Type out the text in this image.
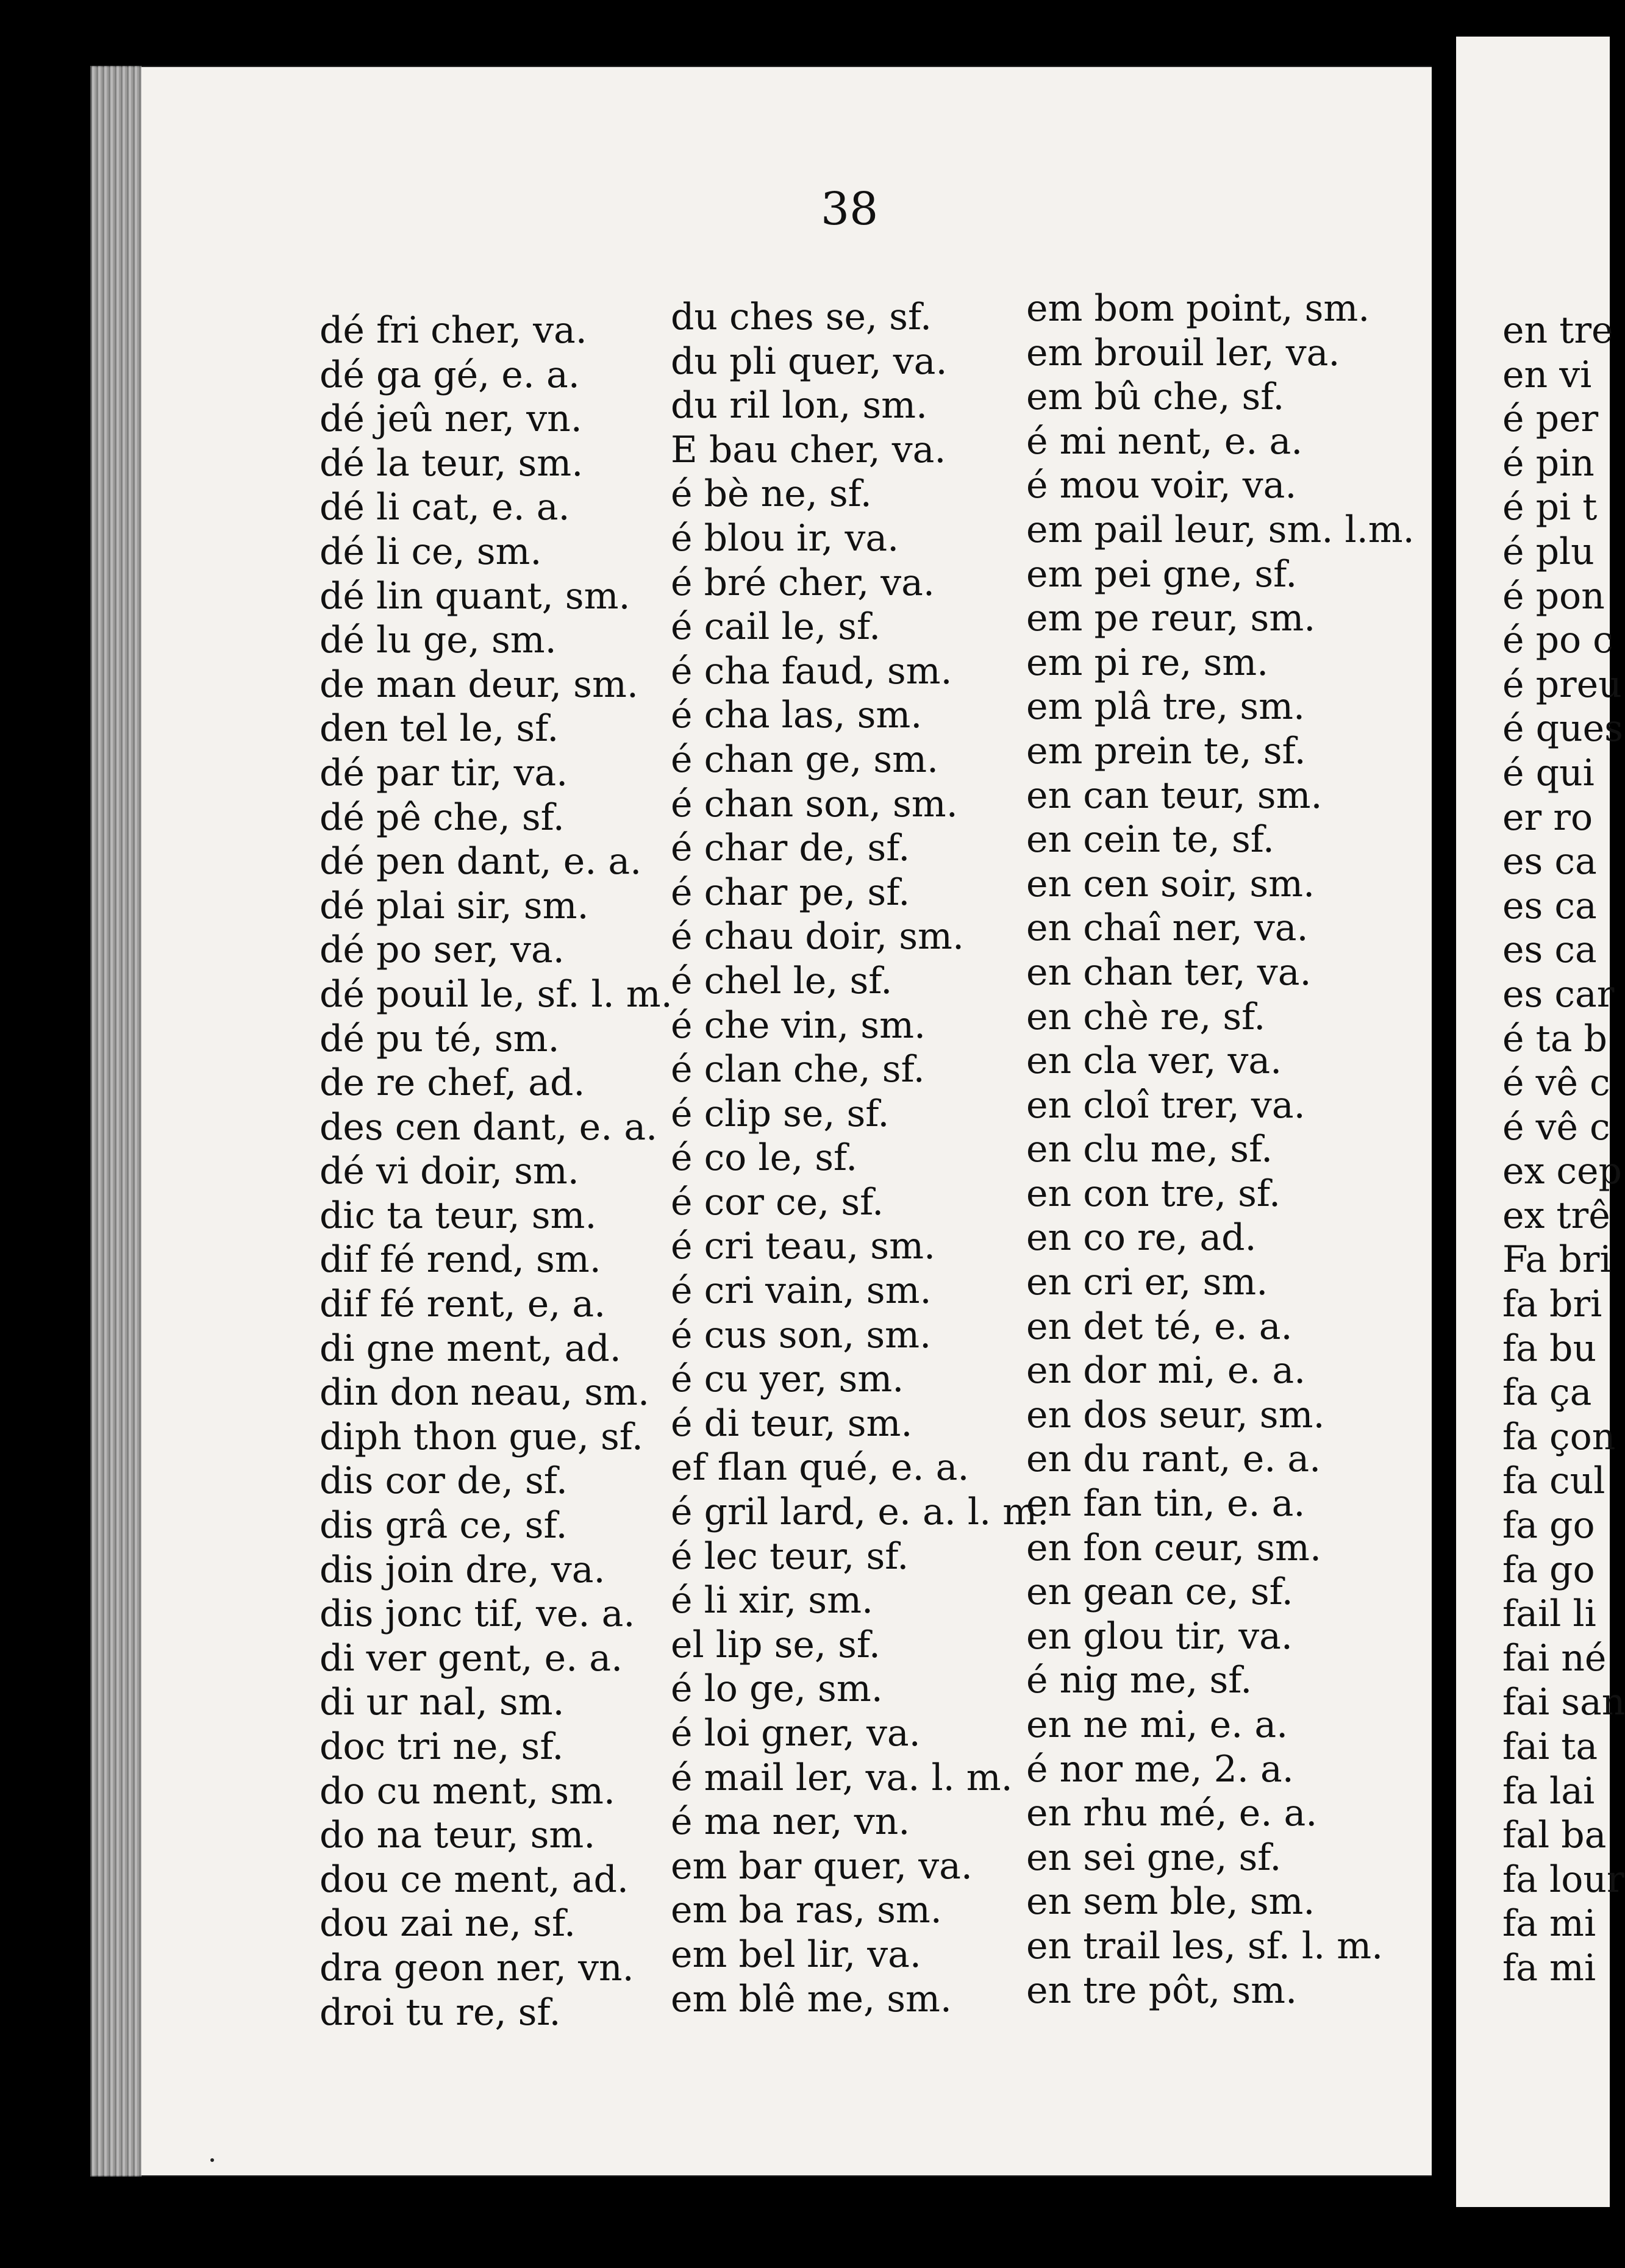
38
dé fri cher, va.
dé ga gé, e. a.
dé jeû ner, vn.
dé la teur, sm.
dé li cat, e. a.
dé li ce, sm.
dé lin quant, sm.
dé lu ge, sm.
de man deur, sm.
den tel le, sf.
dé par tir, va.
dé pê che, sf.
dé pen dant, e. a.
dé plai sir, sm.
dé po ser, va.
dé pouil le, sf. l. m.
dé pu té, sm.
de re chef, ad.
des cen dant, e. a.
dé vi doir, sm.
dic ta teur, sm.
dif fé rend, sm.
dif fé rent, e, a.
di gne ment, ad.
din don neau, sm.
diph thon gue, sf.
dis cor de, sf.
dis grâ ce, sf.
dis join dre, va.
dis jonc tif, ve. a.
di ver gent, e. a.
di ur nal, sm.
doc tri ne, sf.
do cu ment, sm.
do na teur, sm.
dou ce ment, ad.
dou zai ne, sf.
dra geon ner, vn.
droi tu re, sf.
du ches se, sf.
du pli quer, va.
du ril lon, sm.
E bau cher, va.
é bè ne, sf.
é blou ir, va.
é bré cher, va.
é cail le, sf.
é cha faud, sm.
é cha las, sm.
é chan ge, sm.
é chan son, sm.
é char de, sf.
é char pe, sf.
é chau doir, sm.
é chel le, sf.
é che vin, sm.
é clan che, sf.
é clip se, sf.
é co le, sf.
é cor ce, sf.
é cri teau, sm.
é cri vain, sm.
é cus son, sm.
é cu yer, sm.
é di teur, sm.
ef flan qué, e. a.
é gril lard, e. a. l. m.
é lec teur, sf.
é li xir, sm.
el lip se, sf.
é lo ge, sm.
é loi gner, va.
é mail ler, va. l. m.
é ma ner, vn.
em bar quer, va.
em ba ras, sm.
em bel lir, va.
em blê me, sm.
em bom point, sm.
em brouil ler, va.
em bû che, sf.
é mi nent, e. a.
é mou voir, va.
em pail leur, sm. l.m.
em pei gne, sf.
em pe reur, sm.
em pi re, sm.
em plâ tre, sm.
em prein te, sf.
en can teur, sm.
en cein te, sf.
en cen soir, sm.
en chaî ner, va.
en chan ter, va.
en chè re, sf.
en cla ver, va.
en cloî trer, va.
en clu me, sf.
en con tre, sf.
en co re, ad.
en cri er, sm.
en det té, e. a.
en dor mi, e. a.
en dos seur, sm.
en du rant, e. a.
en fan tin, e. a.
en fon ceur, sm.
en gean ce, sf.
en glou tir, va.
é nig me, sf.
en ne mi, e. a.
é nor me, 2. a.
en rhu mé, e. a.
en sei gne, sf.
en sem ble, sm.
en trail les, sf. l. m.
en tre pôt, sm.
en tre
en vi
é per
é pin
é pi t
é plu
é pon
é po c
é preu
é ques
é qui
er ro
es ca
es ca
es ca
es car
é ta b
é vê c
é vê c
ex cep
ex trê
Fa bri
fa bri
fa bu
fa ça
fa çon
fa cul
fa go
fa go
fail li
fai né
fai san
fai ta
fa lai
fal ba
fa lour
fa mi
fa mi
